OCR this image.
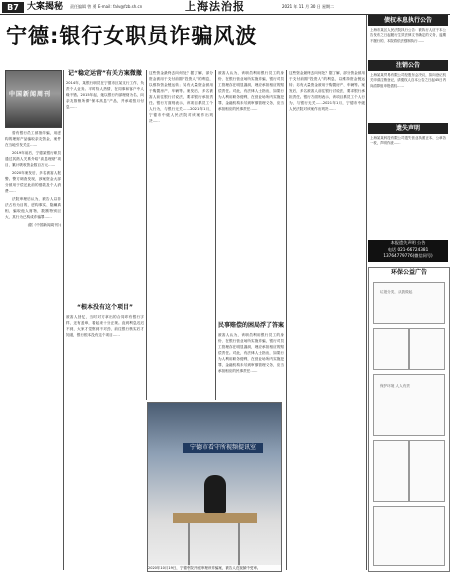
B7 大案揭秘 责任编辑 曾 勇 E-mail: falv@fzb.sh.cn	上海法治报	2021 年 11 月 30 日 星期二
宁德:银行女职员诈骗风波
中国新闻周刊

曾有银行员工被指诈骗，用虚构的理财产品骗取亲友资金，案件在当地引发关注……

2019年前后，宁德某银行职员通过其熟人关系介绍“高息理财”项目，累计吸收资金数百万元……

2020年案发后，多名被害人报警。警方调查发现，涉案资金大部分被用于偿还此前的借款及个人消费……

法院审理后认为，被告人以非法占有为目的，虚构事实、隐瞒真相，骗取他人财物，数额特别巨大，其行为已构成诈骗罪……

(据《中国新闻周刊》)

记“稳定运营”有关方案微撤
2014年，某银行职员在宁德市区某支行工作，负责个人业务。平时待人热情，在同事和客户中人缘不错。2015年起，她以银行内部理财为名，向亲友推销所谓“保本高息”产品，并承诺按月付息……
“根本没有这个项目”
被害人回忆，当时对方拿出的合同印有银行字样，还有盖章，看起来十分正规。直到利息迟迟不到，大家才觉察到不对劲，前往银行核实后才知道，银行根本没有这个项目……
这些资金最终去向何处？据了解，部分资金被用于支付前期“投资人”的利息，以维持资金链运转；另有大量资金被用于购置房产、车辆等。案发后，多名被害人前往银行讨说法，要求银行承担责任。银行方面则表示，该项目系员工个人行为，与银行无关……2021年1月，宁德市中级人民法院对该案作出判决……
被害人认为，该职员利用银行员工的身份、在银行营业场所实施诈骗，银行对员工管理存在明显漏洞，理应承担相应的赔偿责任。对此，有法律人士指出，如果行为人利用职务便利，在营业场所内实施犯罪，金融机构未尽到审慎管理义务，应当承担相应的民事责任……
民事赔偿的困局浮了答案
被害人认为，该职员利用银行员工的身份、在银行营业场所实施诈骗，银行对员工管理存在明显漏洞，理应承担相应的赔偿责任。对此，有法律人士指出，如果行为人利用职务便利，在营业场所内实施犯罪，金融机构未尽到审慎管理义务，应当承担相应的民事责任……
这些资金最终去向何处？据了解，部分资金被用于支付前期“投资人”的利息，以维持资金链运转；另有大量资金被用于购置房产、车辆等。案发后，多名被害人前往银行讨说法，要求银行承担责任。银行方面则表示，该项目系员工个人行为，与银行无关……2021年1月，宁德市中级人民法院对该案作出判决……
宁德市看守所视频提讯室
2020年10月19日，宁德中院开庭审理该诈骗案，被告人在视频中受审。
债权本息执行公告
上海市某区人民法院执行公告：被执行人应于本公告发布之日起履行生效法律文书确定的义务，逾期不履行的，本院将依法强制执行……
注销公告
上海某某贸易有限公司经股东会决议，拟向登记机关申请注销登记，请债权人自本公告之日起45日内向清算组申报债权……
遗失声明
上海某某科技有限公司遗失营业执照正本、公章各一枚，声明作废……
本报遗失声明 公告
电话 021-66724381
13764779776(微信同号)
环保公益广告
垃圾分类，从我做起
保护环境 人人有责
